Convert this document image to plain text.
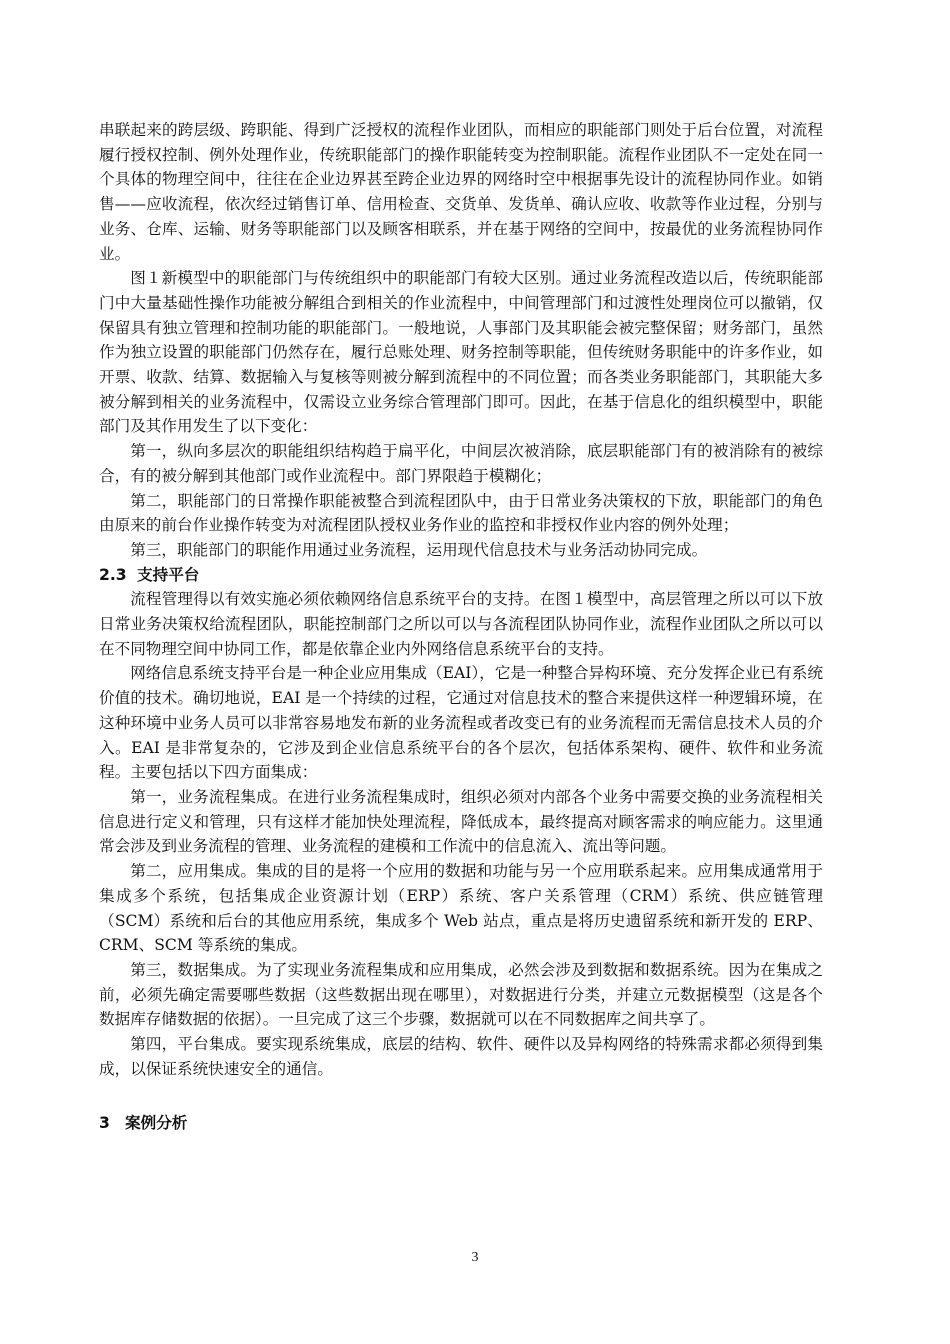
串联起来的跨层级、跨职能、得到广泛授权的流程作业团队，而相应的职能部门则处于后台位置，对流程履行授权控制、例外处理作业，传统职能部门的操作职能转变为控制职能。流程作业团队不一定处在同一个具体的物理空间中，往往在企业边界甚至跨企业边界的网络时空中根据事先设计的流程协同作业。如销售——应收流程，依次经过销售订单、信用检查、交货单、发货单、确认应收、收款等作业过程，分别与业务、仓库、运输、财务等职能部门以及顾客相联系，并在基于网络的空间中，按最优的业务流程协同作业。

图１新模型中的职能部门与传统组织中的职能部门有较大区别。通过业务流程改造以后，传统职能部门中大量基础性操作功能被分解组合到相关的作业流程中，中间管理部门和过渡性处理岗位可以撤销，仅保留具有独立管理和控制功能的职能部门。一般地说，人事部门及其职能会被完整保留；财务部门，虽然作为独立设置的职能部门仍然存在，履行总账处理、财务控制等职能，但传统财务职能中的许多作业，如开票、收款、结算、数据输入与复核等则被分解到流程中的不同位置；而各类业务职能部门，其职能大多被分解到相关的业务流程中，仅需设立业务综合管理部门即可。因此，在基于信息化的组织模型中，职能部门及其作用发生了以下变化：

第一，纵向多层次的职能组织结构趋于扁平化，中间层次被消除，底层职能部门有的被消除有的被综合，有的被分解到其他部门或作业流程中。部门界限趋于模糊化；

第二，职能部门的日常操作职能被整合到流程团队中，由于日常业务决策权的下放，职能部门的角色由原来的前台作业操作转变为对流程团队授权业务作业的监控和非授权作业内容的例外处理；

第三，职能部门的职能作用通过业务流程，运用现代信息技术与业务活动协同完成。

2.3 支持平台

流程管理得以有效实施必须依赖网络信息系统平台的支持。在图１模型中，高层管理之所以可以下放日常业务决策权给流程团队，职能控制部门之所以可以与各流程团队协同作业，流程作业团队之所以可以在不同物理空间中协同工作，都是依靠企业内外网络信息系统平台的支持。

网络信息系统支持平台是一种企业应用集成（EAI），它是一种整合异构环境、充分发挥企业已有系统价值的技术。确切地说，EAI 是一个持续的过程，它通过对信息技术的整合来提供这样一种逻辑环境，在这种环境中业务人员可以非常容易地发布新的业务流程或者改变已有的业务流程而无需信息技术人员的介入。EAI 是非常复杂的，它涉及到企业信息系统平台的各个层次，包括体系架构、硬件、软件和业务流程。主要包括以下四方面集成：

第一，业务流程集成。在进行业务流程集成时，组织必须对内部各个业务中需要交换的业务流程相关信息进行定义和管理，只有这样才能加快处理流程，降低成本，最终提高对顾客需求的响应能力。这里通常会涉及到业务流程的管理、业务流程的建模和工作流中的信息流入、流出等问题。

第二，应用集成。集成的目的是将一个应用的数据和功能与另一个应用联系起来。应用集成通常用于集成多个系统，包括集成企业资源计划（ERP）系统、客户关系管理（CRM）系统、供应链管理（SCM）系统和后台的其他应用系统，集成多个 Web 站点，重点是将历史遗留系统和新开发的 ERP、CRM、SCM 等系统的集成。

第三，数据集成。为了实现业务流程集成和应用集成，必然会涉及到数据和数据系统。因为在集成之前，必须先确定需要哪些数据（这些数据出现在哪里），对数据进行分类，并建立元数据模型（这是各个数据库存储数据的依据）。一旦完成了这三个步骤，数据就可以在不同数据库之间共享了。

第四，平台集成。要实现系统集成，底层的结构、软件、硬件以及异构网络的特殊需求都必须得到集成，以保证系统快速安全的通信。

3 案例分析
3
